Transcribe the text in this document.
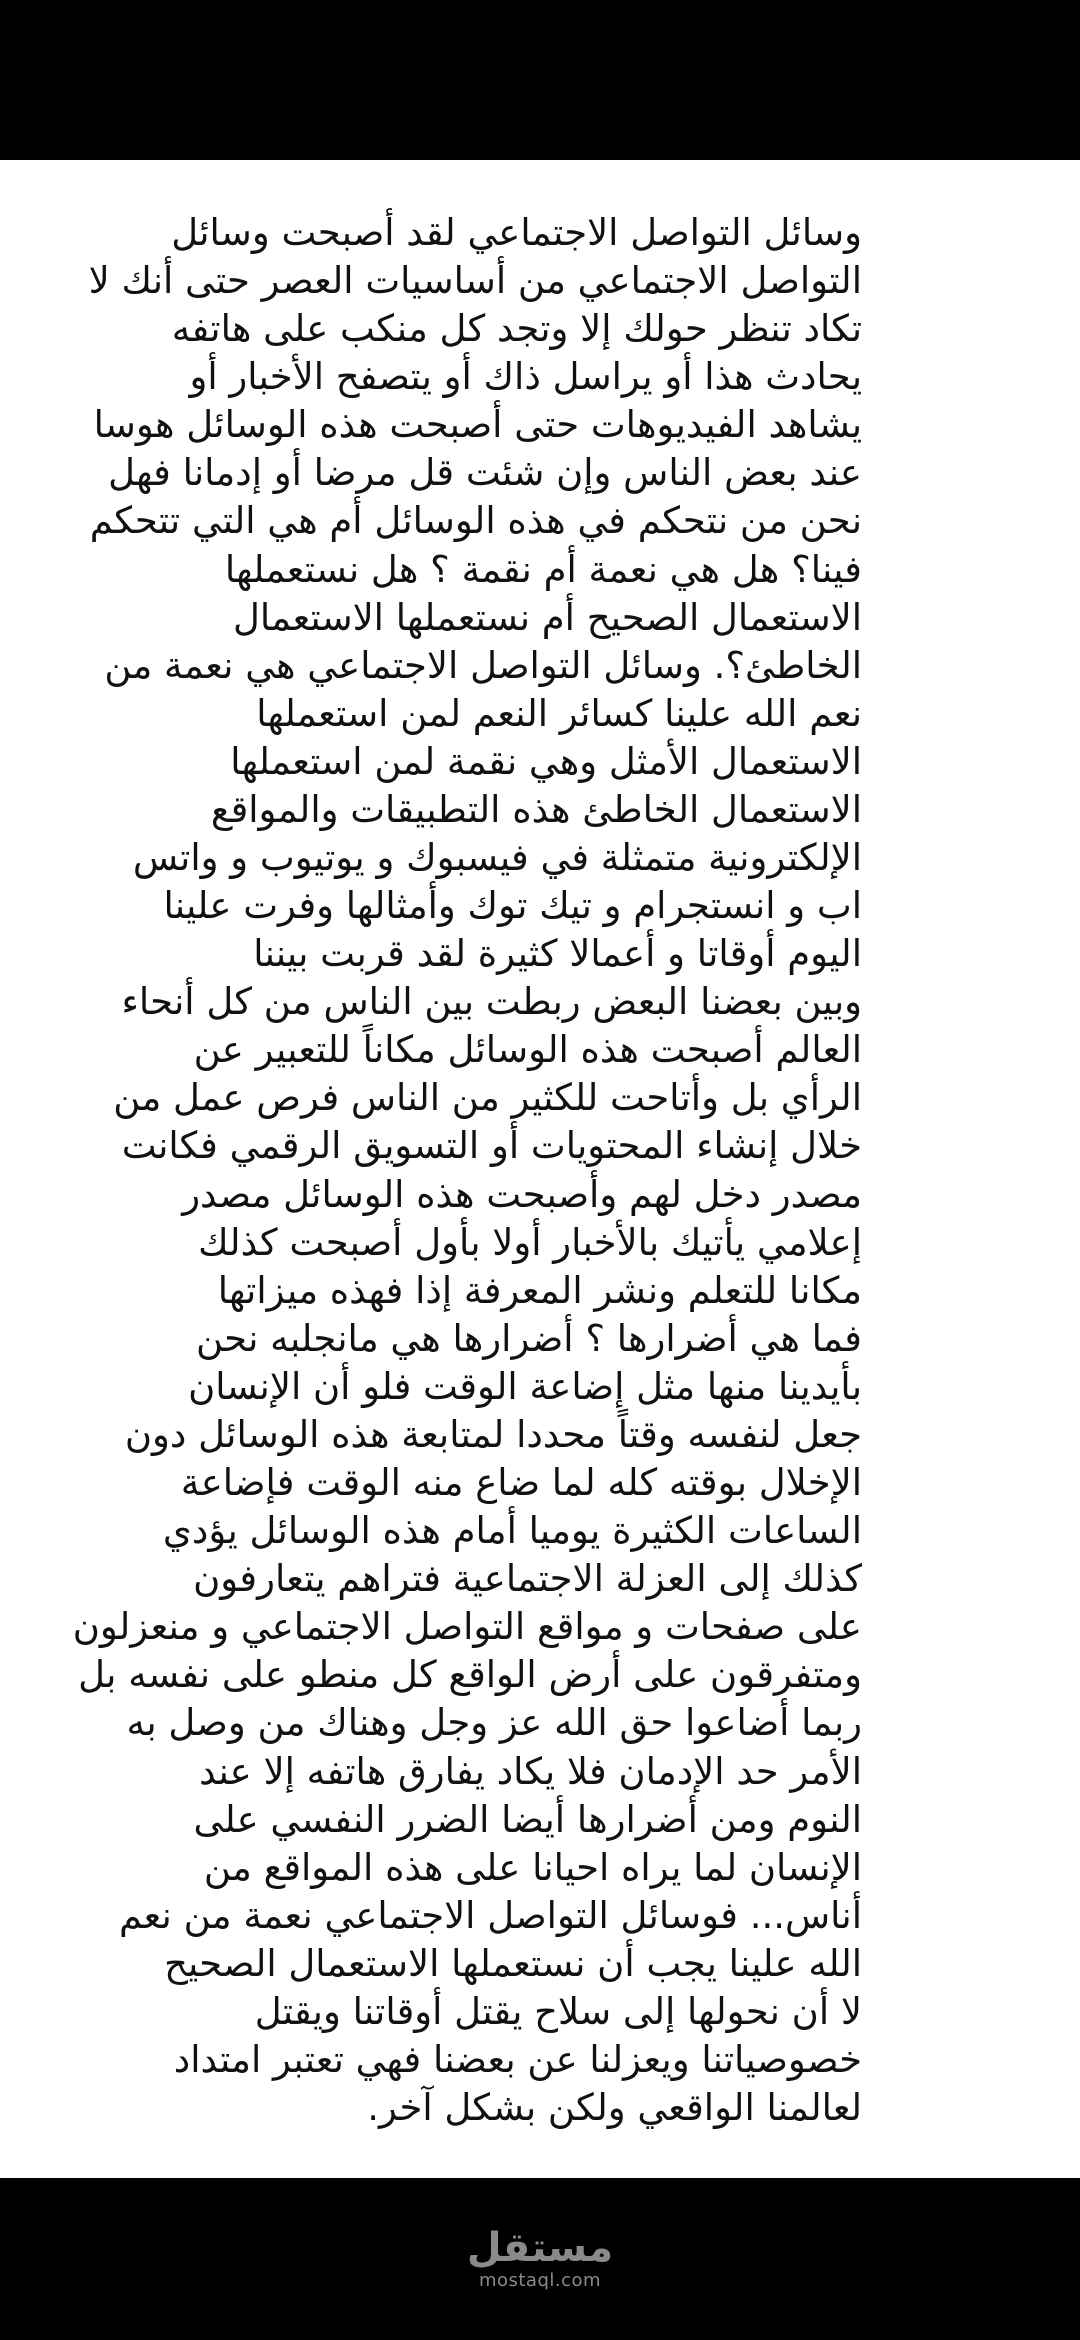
وسائل التواصل الاجتماعي لقد أصبحت وسائل
التواصل الاجتماعي من أساسيات العصر حتى أنك لا
تكاد تنظر حولك إلا وتجد كل منكب على هاتفه
يحادث هذا أو يراسل ذاك أو يتصفح الأخبار أو
يشاهد الفيديوهات حتى أصبحت هذه الوسائل هوسا
عند بعض الناس وإن شئت قل مرضا أو إدمانا فهل
نحن من نتحكم في هذه الوسائل أم هي التي تتحكم
فينا؟ هل هي نعمة أم نقمة ؟ هل نستعملها
الاستعمال الصحيح أم نستعملها الاستعمال
الخاطئ؟. وسائل التواصل الاجتماعي هي نعمة من
نعم الله علينا كسائر النعم لمن استعملها
الاستعمال الأمثل وهي نقمة لمن استعملها
الاستعمال الخاطئ هذه التطبيقات والمواقع
الإلكترونية متمثلة في فيسبوك و يوتيوب و واتس
اب و انستجرام و تيك توك وأمثالها وفرت علينا
اليوم أوقاتا و أعمالا كثيرة لقد قربت بيننا
وبين بعضنا البعض ربطت بين الناس من كل أنحاء
العالم أصبحت هذه الوسائل مكاناً للتعبير عن
الرأي بل وأتاحت للكثير من الناس فرص عمل من
خلال إنشاء المحتويات أو التسويق الرقمي فكانت
مصدر دخل لهم وأصبحت هذه الوسائل مصدر
إعلامي يأتيك بالأخبار أولا بأول أصبحت كذلك
مكانا للتعلم ونشر المعرفة إذا فهذه ميزاتها
فما هي أضرارها ؟ أضرارها هي مانجلبه نحن
بأيدينا منها مثل إضاعة الوقت فلو أن الإنسان
جعل لنفسه وقتاً محددا لمتابعة هذه الوسائل دون
الإخلال بوقته كله لما ضاع منه الوقت فإضاعة
الساعات الكثيرة يوميا أمام هذه الوسائل يؤدي
كذلك إلى العزلة الاجتماعية فتراهم يتعارفون
على صفحات و مواقع التواصل الاجتماعي و منعزلون
ومتفرقون على أرض الواقع كل منطو على نفسه بل
ربما أضاعوا حق الله عز وجل وهناك من وصل به
الأمر حد الإدمان فلا يكاد يفارق هاتفه إلا عند
النوم ومن أضرارها أيضا الضرر النفسي على
الإنسان لما يراه احيانا على هذه المواقع من
أناس... فوسائل التواصل الاجتماعي نعمة من نعم
الله علينا يجب أن نستعملها الاستعمال الصحيح
لا أن نحولها إلى سلاح يقتل أوقاتنا ويقتل
خصوصياتنا ويعزلنا عن بعضنا فهي تعتبر امتداد
لعالمنا الواقعي ولكن بشكل آخر.
مستقل
mostaql.com
